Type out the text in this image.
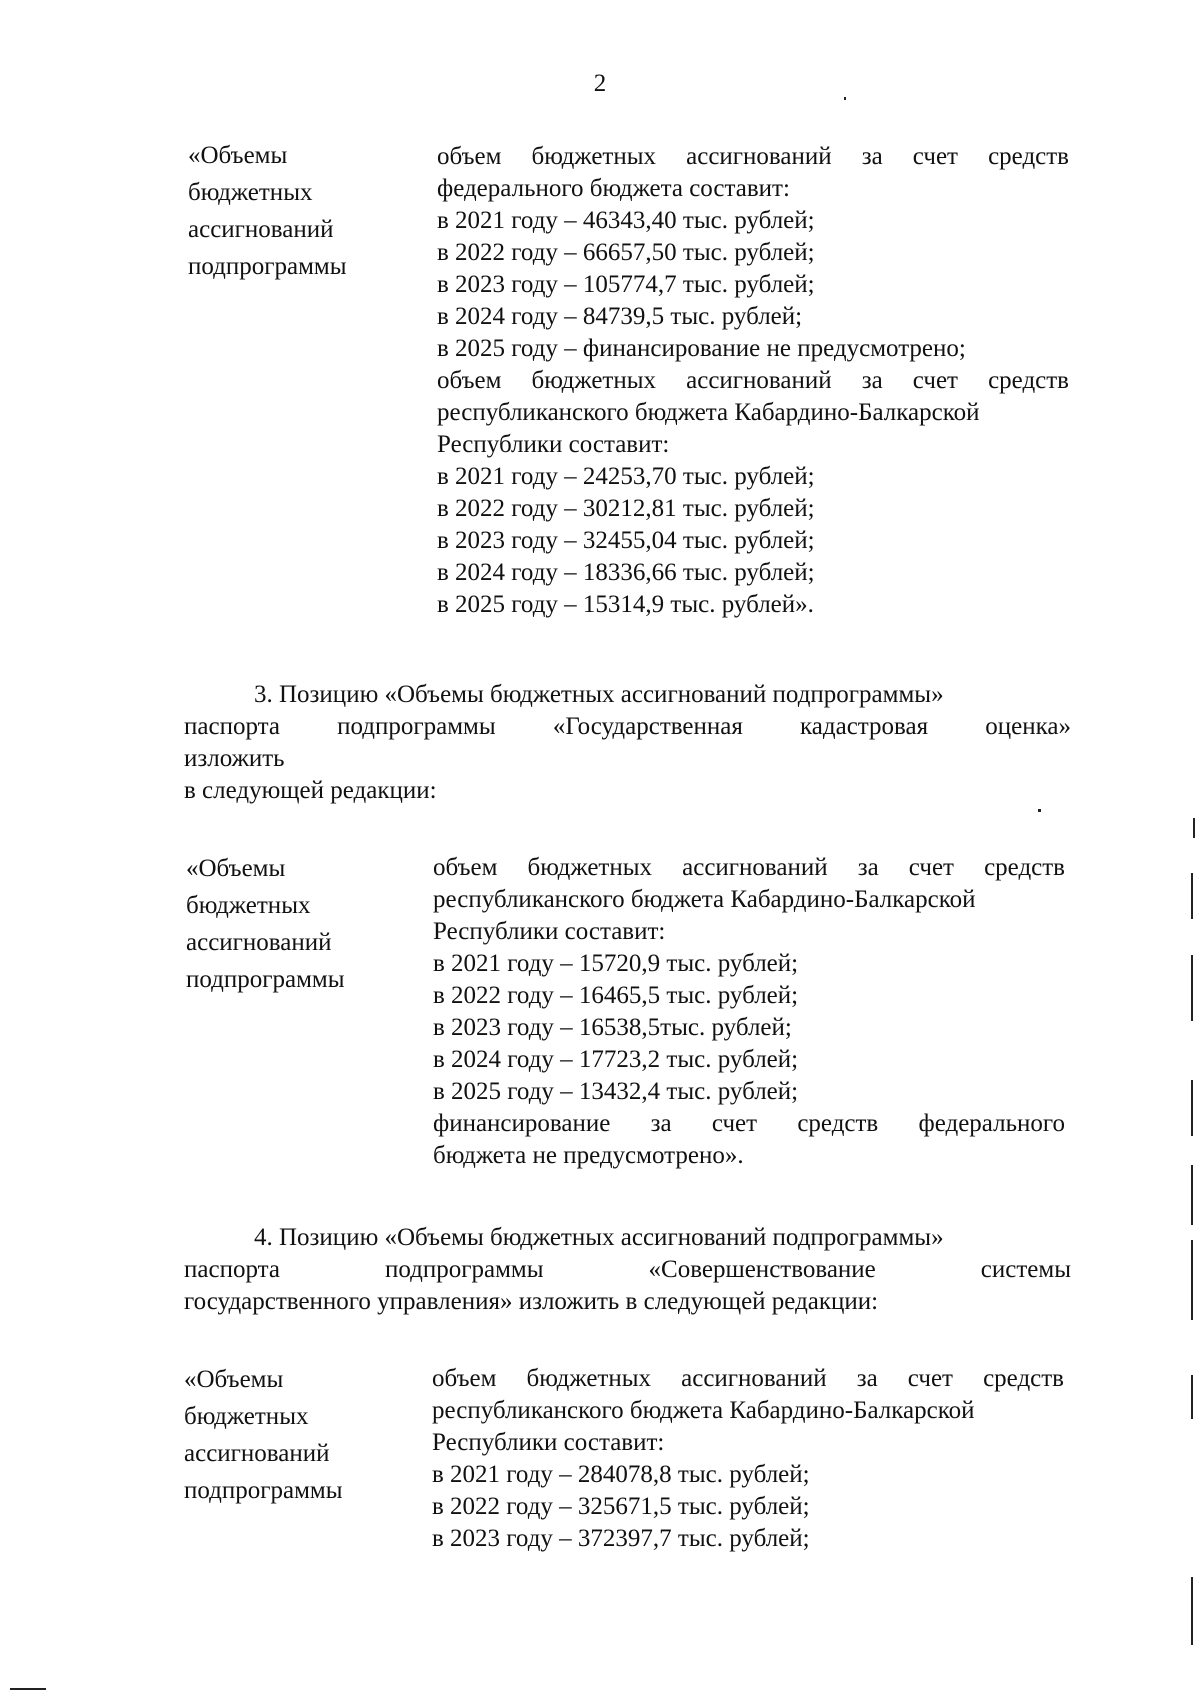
2
«Объемы
бюджетных
ассигнований
подпрограммы
объем бюджетных ассигнований за счет средств
федерального бюджета составит:
в 2021 году – 46343,40 тыс. рублей;
в 2022 году – 66657,50 тыс. рублей;
в 2023 году – 105774,7 тыс. рублей;
в 2024 году – 84739,5 тыс. рублей;
в 2025 году – финансирование не предусмотрено;
объем бюджетных ассигнований за счет средств
республиканского бюджета Кабардино-Балкарской
Республики составит:
в 2021 году – 24253,70 тыс. рублей;
в 2022 году – 30212,81 тыс. рублей;
в 2023 году – 32455,04 тыс. рублей;
в 2024 году – 18336,66 тыс. рублей;
в 2025 году – 15314,9 тыс. рублей».
3. Позицию «Объемы бюджетных ассигнований подпрограммы»
паспорта подпрограммы «Государственная кадастровая оценка»
изложить
в следующей редакции:
«Объемы
бюджетных
ассигнований
подпрограммы
объем бюджетных ассигнований за счет средств
республиканского бюджета Кабардино-Балкарской
Республики составит:
в 2021 году – 15720,9 тыс. рублей;
в 2022 году – 16465,5 тыс. рублей;
в 2023 году – 16538,5тыс. рублей;
в 2024 году – 17723,2 тыс. рублей;
в 2025 году – 13432,4 тыс. рублей;
финансирование за счет средств федерального
бюджета не предусмотрено».
4. Позицию «Объемы бюджетных ассигнований подпрограммы»
паспорта подпрограммы «Совершенствование системы
государственного управления» изложить в следующей редакции:
«Объемы
бюджетных
ассигнований
подпрограммы
объем бюджетных ассигнований за счет средств
республиканского бюджета Кабардино-Балкарской
Республики составит:
в 2021 году – 284078,8 тыс. рублей;
в 2022 году – 325671,5 тыс. рублей;
в 2023 году – 372397,7 тыс. рублей;
